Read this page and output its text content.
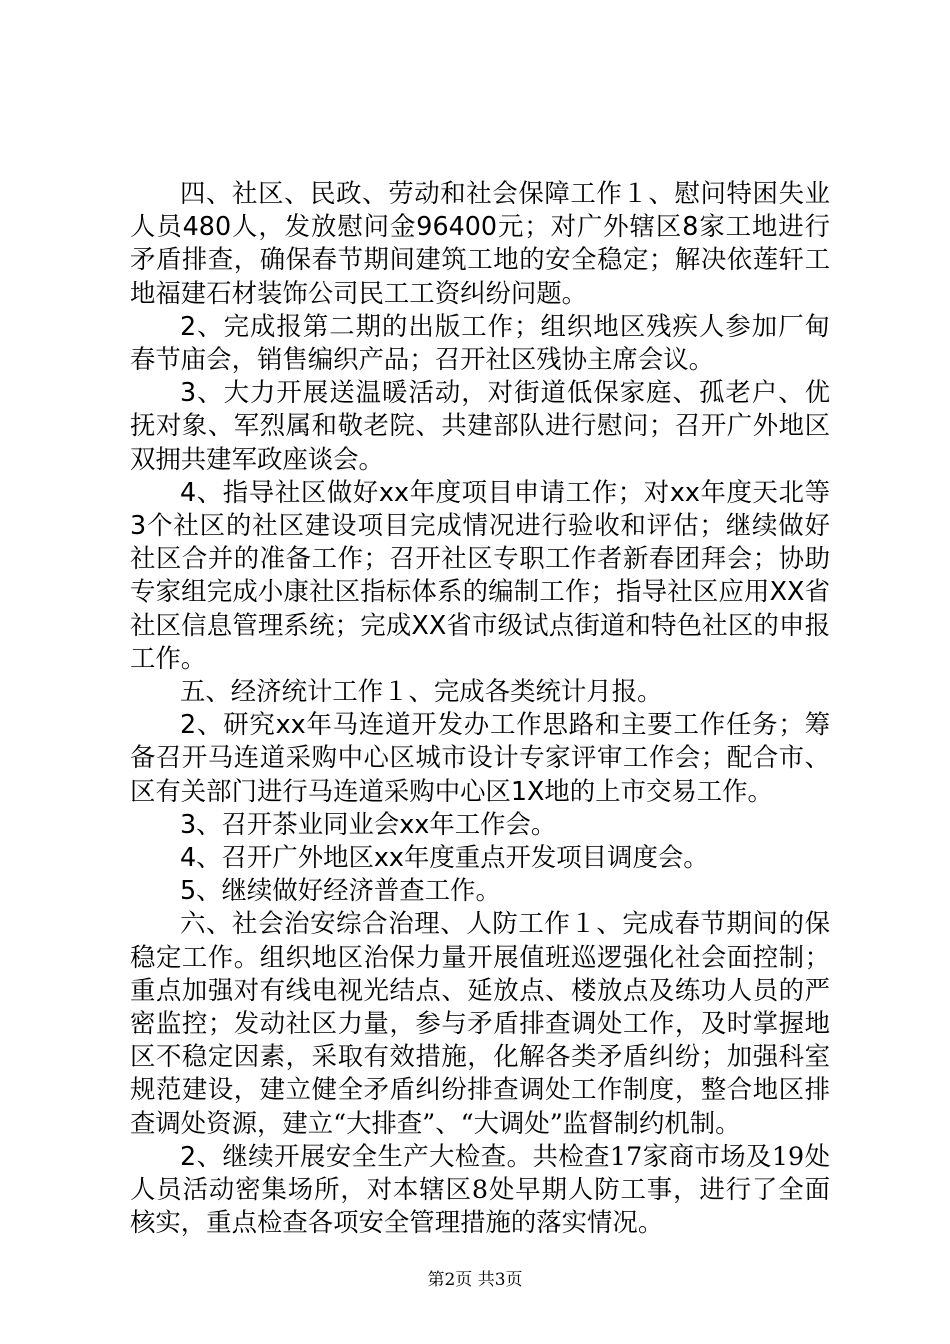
四、社区、民政、劳动和社会保障工作１、慰问特困失业人员480人，发放慰问金96400元；对广外辖区8家工地进行矛盾排查，确保春节期间建筑工地的安全稳定；解决依莲轩工地福建石材装饰公司民工工资纠纷问题。

2、完成报第二期的出版工作；组织地区残疾人参加厂甸春节庙会，销售编织产品；召开社区残协主席会议。

3、大力开展送温暖活动，对街道低保家庭、孤老户、优抚对象、军烈属和敬老院、共建部队进行慰问；召开广外地区双拥共建军政座谈会。

4、指导社区做好xx年度项目申请工作；对xx年度天北等3个社区的社区建设项目完成情况进行验收和评估；继续做好社区合并的准备工作；召开社区专职工作者新春团拜会；协助专家组完成小康社区指标体系的编制工作；指导社区应用XX省社区信息管理系统；完成XX省市级试点街道和特色社区的申报工作。

五、经济统计工作１、完成各类统计月报。

2、研究xx年马连道开发办工作思路和主要工作任务；筹备召开马连道采购中心区城市设计专家评审工作会；配合市、区有关部门进行马连道采购中心区1X地的上市交易工作。

3、召开茶业同业会xx年工作会。

4、召开广外地区xx年度重点开发项目调度会。

5、继续做好经济普查工作。

六、社会治安综合治理、人防工作１、完成春节期间的保稳定工作。组织地区治保力量开展值班巡逻强化社会面控制；重点加强对有线电视光结点、延放点、楼放点及练功人员的严密监控；发动社区力量，参与矛盾排查调处工作，及时掌握地区不稳定因素，采取有效措施，化解各类矛盾纠纷；加强科室规范建设，建立健全矛盾纠纷排查调处工作制度，整合地区排查调处资源，建立“大排查”、“大调处”监督制约机制。

2、继续开展安全生产大检查。共检查17家商市场及19处人员活动密集场所，对本辖区8处早期人防工事，进行了全面核实，重点检查各项安全管理措施的落实情况。

第2页 共3页
